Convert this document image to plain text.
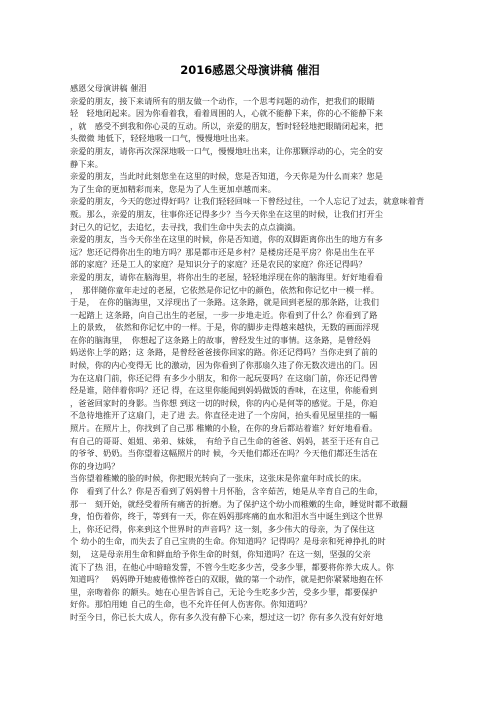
2016感恩父母演讲稿 催泪
感恩父母演讲稿 催泪
亲爱的朋友，接下来请所有的朋友做一个动作，一个思考问题的动作，把我们的眼睛
轻　轻地闭起来。因为你看着我，看着周围的人，心就不能静下来，你的心不能静下来
，就　感受不到我和你心灵的互动。所以，亲爱的朋友，暂时轻轻地把眼睛闭起来，把
头微微 地低下，轻轻地吸一口气，慢慢地吐出来。
亲爱的朋友，请你再次深深地吸一口气，慢慢地吐出来，让你那颗浮动的心，完全的安
静下来。
亲爱的朋友，当此时此刻您坐在这里的时候，您是否知道，今天你是为什么而来？您是
为了生命的更加精彩而来，您是为了人生更加卓越而来。
亲爱的朋友，今天的您过得好吗？让我们轻轻回味一下曾经过往，一个人忘记了过去，就意味着背
叛。那么，亲爱的朋友，往事你还记得多少？当今天你坐在这里的时候，让我们打开尘
封已久的记忆，去追忆，去寻找，我们生命中失去的点点滴滴。
亲爱的朋友，当今天你坐在这里的时候，你是否知道，你的双脚距离你出生的地方有多
远？您还记得你出生的地方吗？那是都市还是乡村？是楼房还是平房？你是出生在平
部的家庭？还是工人的家庭？是知识分子的家庭？还是农民的家庭？你还记得吗？
亲爱的朋友，请你在脑海里，将你出生的老屋，轻轻地浮现在你的脑海里。好好地看看
，　那伴随你童年走过的老屋，它依然是你记忆中的颜色，依然和你记忆中一模一样。
于是，　在你的脑海里，又浮现出了一条路。这条路，就是回到老屋的那条路，让我们
一起踏上 这条路，向自己出生的老屋，一步一步地走近。你看到了什么？你看到了路
上的景致，　依然和你记忆中的一样。于是，你的脚步走得越来越快，无数的画面浮现
在你的脑海里，　你想起了这条路上的故事，曾经发生过的事情。这条路，是曾经妈
妈送你上学的路；这 条路，是曾经爸爸接你回家的路。你还记得吗？当你走到了前的
时候，你的内心变得无 比的激动，因为你看到了你那扇久违了你无数次进出的门。因
为在这扇门前，你还记得 有多少小朋友，和你一起玩耍吗？在这扇门前，你还记得曾
经是谁，陪伴着你吗？还记 得，在这里你能闻到妈妈做饭的香味，在这里，你能看到
，爸爸回家时的身影。当你想 到这一切的时候，你的内心是何等的感觉。于是，你迫
不急待地推开了这扇门，走了进 去。你直径走进了一个房间，抬头看见屋里挂的一幅
照片。在照片上，你找到了自己那 稚嫩的小脸，在你的身后都站着谁？好好地看看。
有自己的哥哥、姐姐、弟弟、妹妹，　有给予自己生命的爸爸、妈妈，甚至于还有自己
的爷爷、奶奶。当你望着这幅照片的时 候，今天他们都还在吗？今天他们都还生活在
你的身边吗？
当你望着稚嫩的脸的时候，你把眼光转向了一张床，这张床是你童年时成长的床。
你　看到了什么？你是否看到了妈妈曾十月怀胎，含辛茹苦，她是从辛育自己的生命，
那一　刻开始，就经受着所有痛苦的折磨。为了保护这个幼小而稚嫩的生命，睡觉时都不敢翻
身，怕伤着你，终于，等到有一天，你在妈妈那疼痛的血水和泪水当中诞生到这个世界
上，你还记得，你来到这个世界时的声音吗？这一刻，多少伟大的母亲，为了保住这
个 幼小的生命，而失去了自己宝贵的生命。你知道吗？记得吗？是母亲和死神挣扎的时
刻，　这是母亲用生命和鲜血给予你生命的时刻，你知道吗？在这一刻，坚强的父亲
流下了热 泪，在他心中暗暗发誓，不管今生吃多少苦，受多少罪，都要将你养大成人。你
知道吗？　妈妈睁开她疲倦憔悴苍白的双眼，做的第一个动作，就是把你紧紧地抱在怀
里，亲吻着你 的额头。她在心里告诉自己，无论今生吃多少苦，受多少罪，都要保护
好你。那怕用她 自己的生命，也不允许任何人伤害你。你知道吗？
时至今日，你已长大成人，你有多久没有静下心来，想过这一切？你有多久没有好好地
